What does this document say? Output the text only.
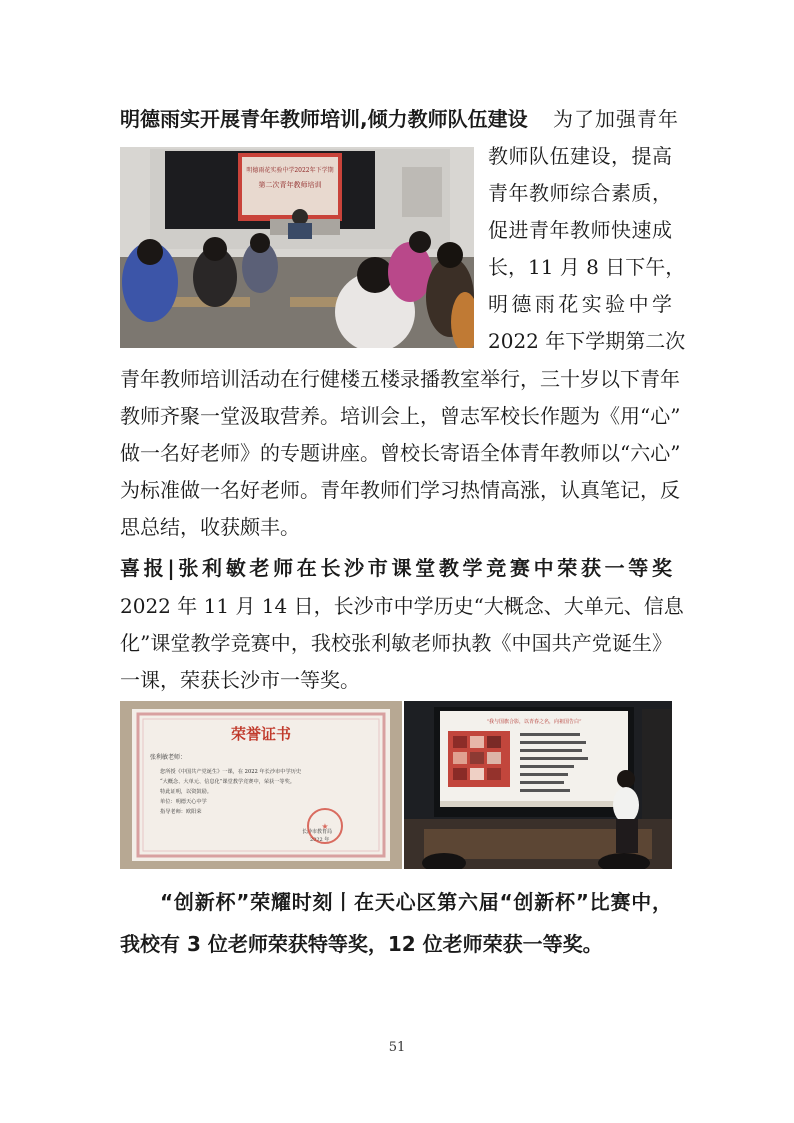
明德雨实开展青年教师培训,倾力教师队伍建设 为了加强青年
明德雨花实验中学2022年下学期
第二次青年教师培训
教师队伍建设，提高
青年教师综合素质，
促进青年教师快速成
长，11 月 8 日下午，
明德雨花实验中学
2022 年下学期第二次
青年教师培训活动在行健楼五楼录播教室举行，三十岁以下青年
教师齐聚一堂汲取营养。培训会上，曾志军校长作题为《用“心”
做一名好老师》的专题讲座。曾校长寄语全体青年教师以“六心”
为标准做一名好老师。青年教师们学习热情高涨，认真笔记，反
思总结，收获颇丰。
喜报|张利敏老师在长沙市课堂教学竞赛中荣获一等奖
2022 年 11 月 14 日，长沙市中学历史“大概念、大单元、信息
化”课堂教学竞赛中，我校张利敏老师执教《中国共产党诞生》
一课，荣获长沙市一等奖。
荣誉证书
张利敏老师：
您所授《中国共产党诞生》一课，在 2022 年长沙市中学历史
“大概念、大单元、信息化”课堂教学竞赛中，荣获一等奖。
特此证明，以资鼓励。
单位：明德天心中学
指导老师：欧阳荣
长沙市教育局
2022 年
★
“我与国旗合影，以青春之名，向祖国告白”
“创新杯”荣耀时刻丨在天心区第六届“创新杯”比赛中，
我校有 3 位老师荣获特等奖，12 位老师荣获一等奖。
51
